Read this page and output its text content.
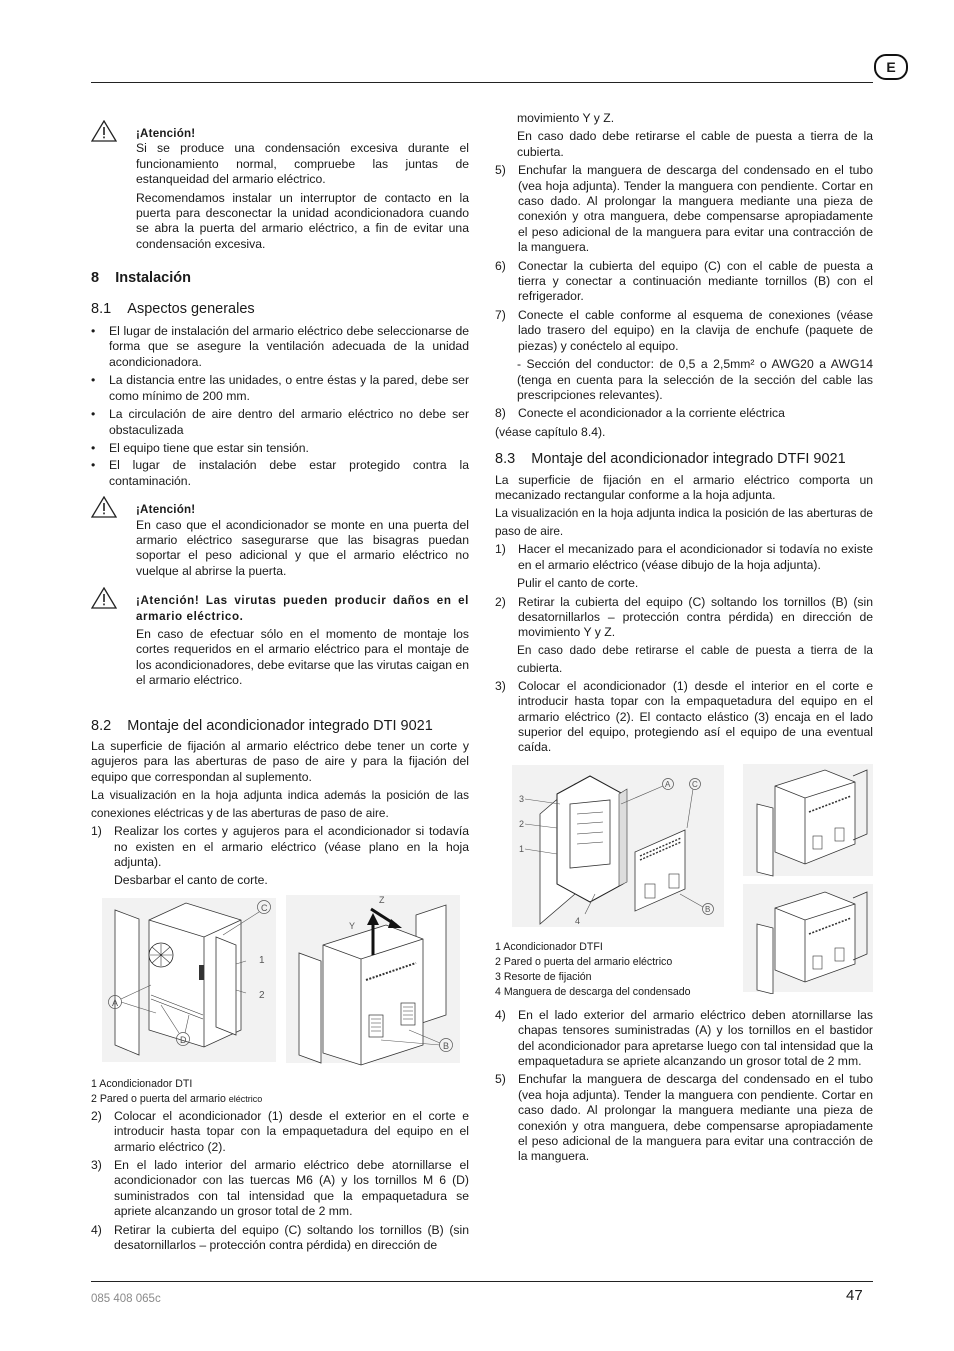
E

¡Atención!

Si se produce una condensación excesiva durante el funcionamiento normal, compruebe las juntas de estanqueidad del armario eléctrico.

Recomendamos instalar un interruptor de contacto en la puerta para desconectar la unidad acondicionadora cuando se abra la puerta del armario eléctrico, a fin de evitar una condensación excesiva.

8 Instalación
8.1 Aspectos generales

• El lugar de instalación del armario eléctrico debe seleccionarse de forma que se asegure la ventilación adecuada de la unidad acondicionadora.

• La distancia entre las unidades, o entre éstas y la pared, debe ser como mínimo de 200 mm.

• La circulación de aire dentro del armario eléctrico no debe ser obstaculizada

• El equipo tiene que estar sin tensión.

• El lugar de instalación debe estar protegido contra la contaminación.

¡Atención!

En caso que el acondicionador se monte en una puerta del armario eléctrico sasegurarse que las bisagras puedan soportar el peso adicional y que el armario eléctrico no vuelque al abrirse la puerta.

¡Atención! Las virutas pueden producir daños en el armario eléctrico.

En caso de efectuar sólo en el momento de montaje los cortes requeridos en el armario eléctrico para el montaje de los acondicionadores, debe evitarse que las virutas caigan en el armario eléctrico.

8.2 Montaje del acondicionador integrado DTI 9021

La superficie de fijación al armario eléctrico debe tener un corte y agujeros para las aberturas de paso de aire y para la fijación del equipo que correspondan al suplemento.

La visualización en la hoja adjunta indica además la posición de las conexiones eléctricas y de las aberturas de paso de aire.

1) Realizar los cortes y agujeros para el acondicionador si todavía no existen en el armario eléctrico (véase plano en la hoja adjunta).

Desbarbar el canto de corte.

C
A
D
1
2
Z
Y
B

1 Acondicionador DTI

2 Pared o puerta del armario eléctrico

2) Colocar el acondicionador (1) desde el exterior en el corte e introducir hasta topar con la empaquetadura del equipo en el armario eléctrico (2).

3) En el lado interior del armario eléctrico debe atornillarse el acondicionador con las tuercas M6 (A) y los tornillos M 6 (D) suministrados con tal intensidad que la empaquetadura se apriete alcanzando un grosor total de 2 mm.

4) Retirar la cubierta del equipo (C) soltando los tornillos (B) (sin desatornillarlos – protección contra pérdida) en dirección de

movimiento Y y Z.

En caso dado debe retirarse el cable de puesta a tierra de la cubierta.

5) Enchufar la manguera de descarga del condensado en el tubo (vea hoja adjunta). Tender la manguera con pendiente. Cortar en caso dado. Al prolongar la manguera mediante una pieza de conexión y otra manguera, debe compensarse apropiadamente el peso adicional de la manguera para evitar una contracción de la manguera.

6) Conectar la cubierta del equipo (C) con el cable de puesta a tierra y conectar a continuación mediante tornillos (B) con el refrigerador.

7) Conecte el cable conforme al esquema de conexiones (véase lado trasero del equipo) en la clavija de enchufe (paquete de piezas) y conéctelo al equipo.

- Sección del conductor: de 0,5 a 2,5mm² o AWG20 a AWG14 (tenga en cuenta para la selección de la sección del cable las prescripciones relevantes).

8) Conecte el acondicionador a la corriente eléctrica

(véase capítulo 8.4).

8.3 Montaje del acondicionador integrado DTFI 9021

La superficie de fijación en el armario eléctrico comporta un mecanizado rectangular conforme a la hoja adjunta.

La visualización en la hoja adjunta indica la posición de las aberturas de paso de aire.

1) Hacer el mecanizado para el acondicionador si todavía no existe en el armario eléctrico (véase dibujo de la hoja adjunta).

Pulir el canto de corte.

2) Retirar la cubierta del equipo (C) soltando los tornillos (B) (sin desatornillarlos – protección contra pérdida) en dirección de movimiento Y y Z.

En caso dado debe retirarse el cable de puesta a tierra de la cubierta.

3) Colocar el acondicionador (1) desde el interior en el corte e introducir hasta topar con la empaquetadura del equipo en el armario eléctrico (2). El contacto elástico (3) encaja en el lado superior del equipo, protegiendo así el equipo de una eventual caída.

A	C
B
3
2
1
4

1 Acondicionador DTFI

2 Pared o puerta del armario eléctrico

3 Resorte de fijación

4 Manguera de descarga del condensado

4) En el lado exterior del armario eléctrico deben atornillarse las chapas tensores suministradas (A) y los tornillos en el bastidor del acondicionador para apretarse luego con tal intensidad que la empaquetadura se apriete alcanzando un grosor total de 2 mm.

5) Enchufar la manguera de descarga del condensado en el tubo (vea hoja adjunta). Tender la manguera con pendiente. Cortar en caso dado. Al prolongar la manguera mediante una pieza de conexión y otra manguera, debe compensarse apropiadamente el peso adicional de la manguera para evitar una contracción de la manguera.

085 408 065c	47
